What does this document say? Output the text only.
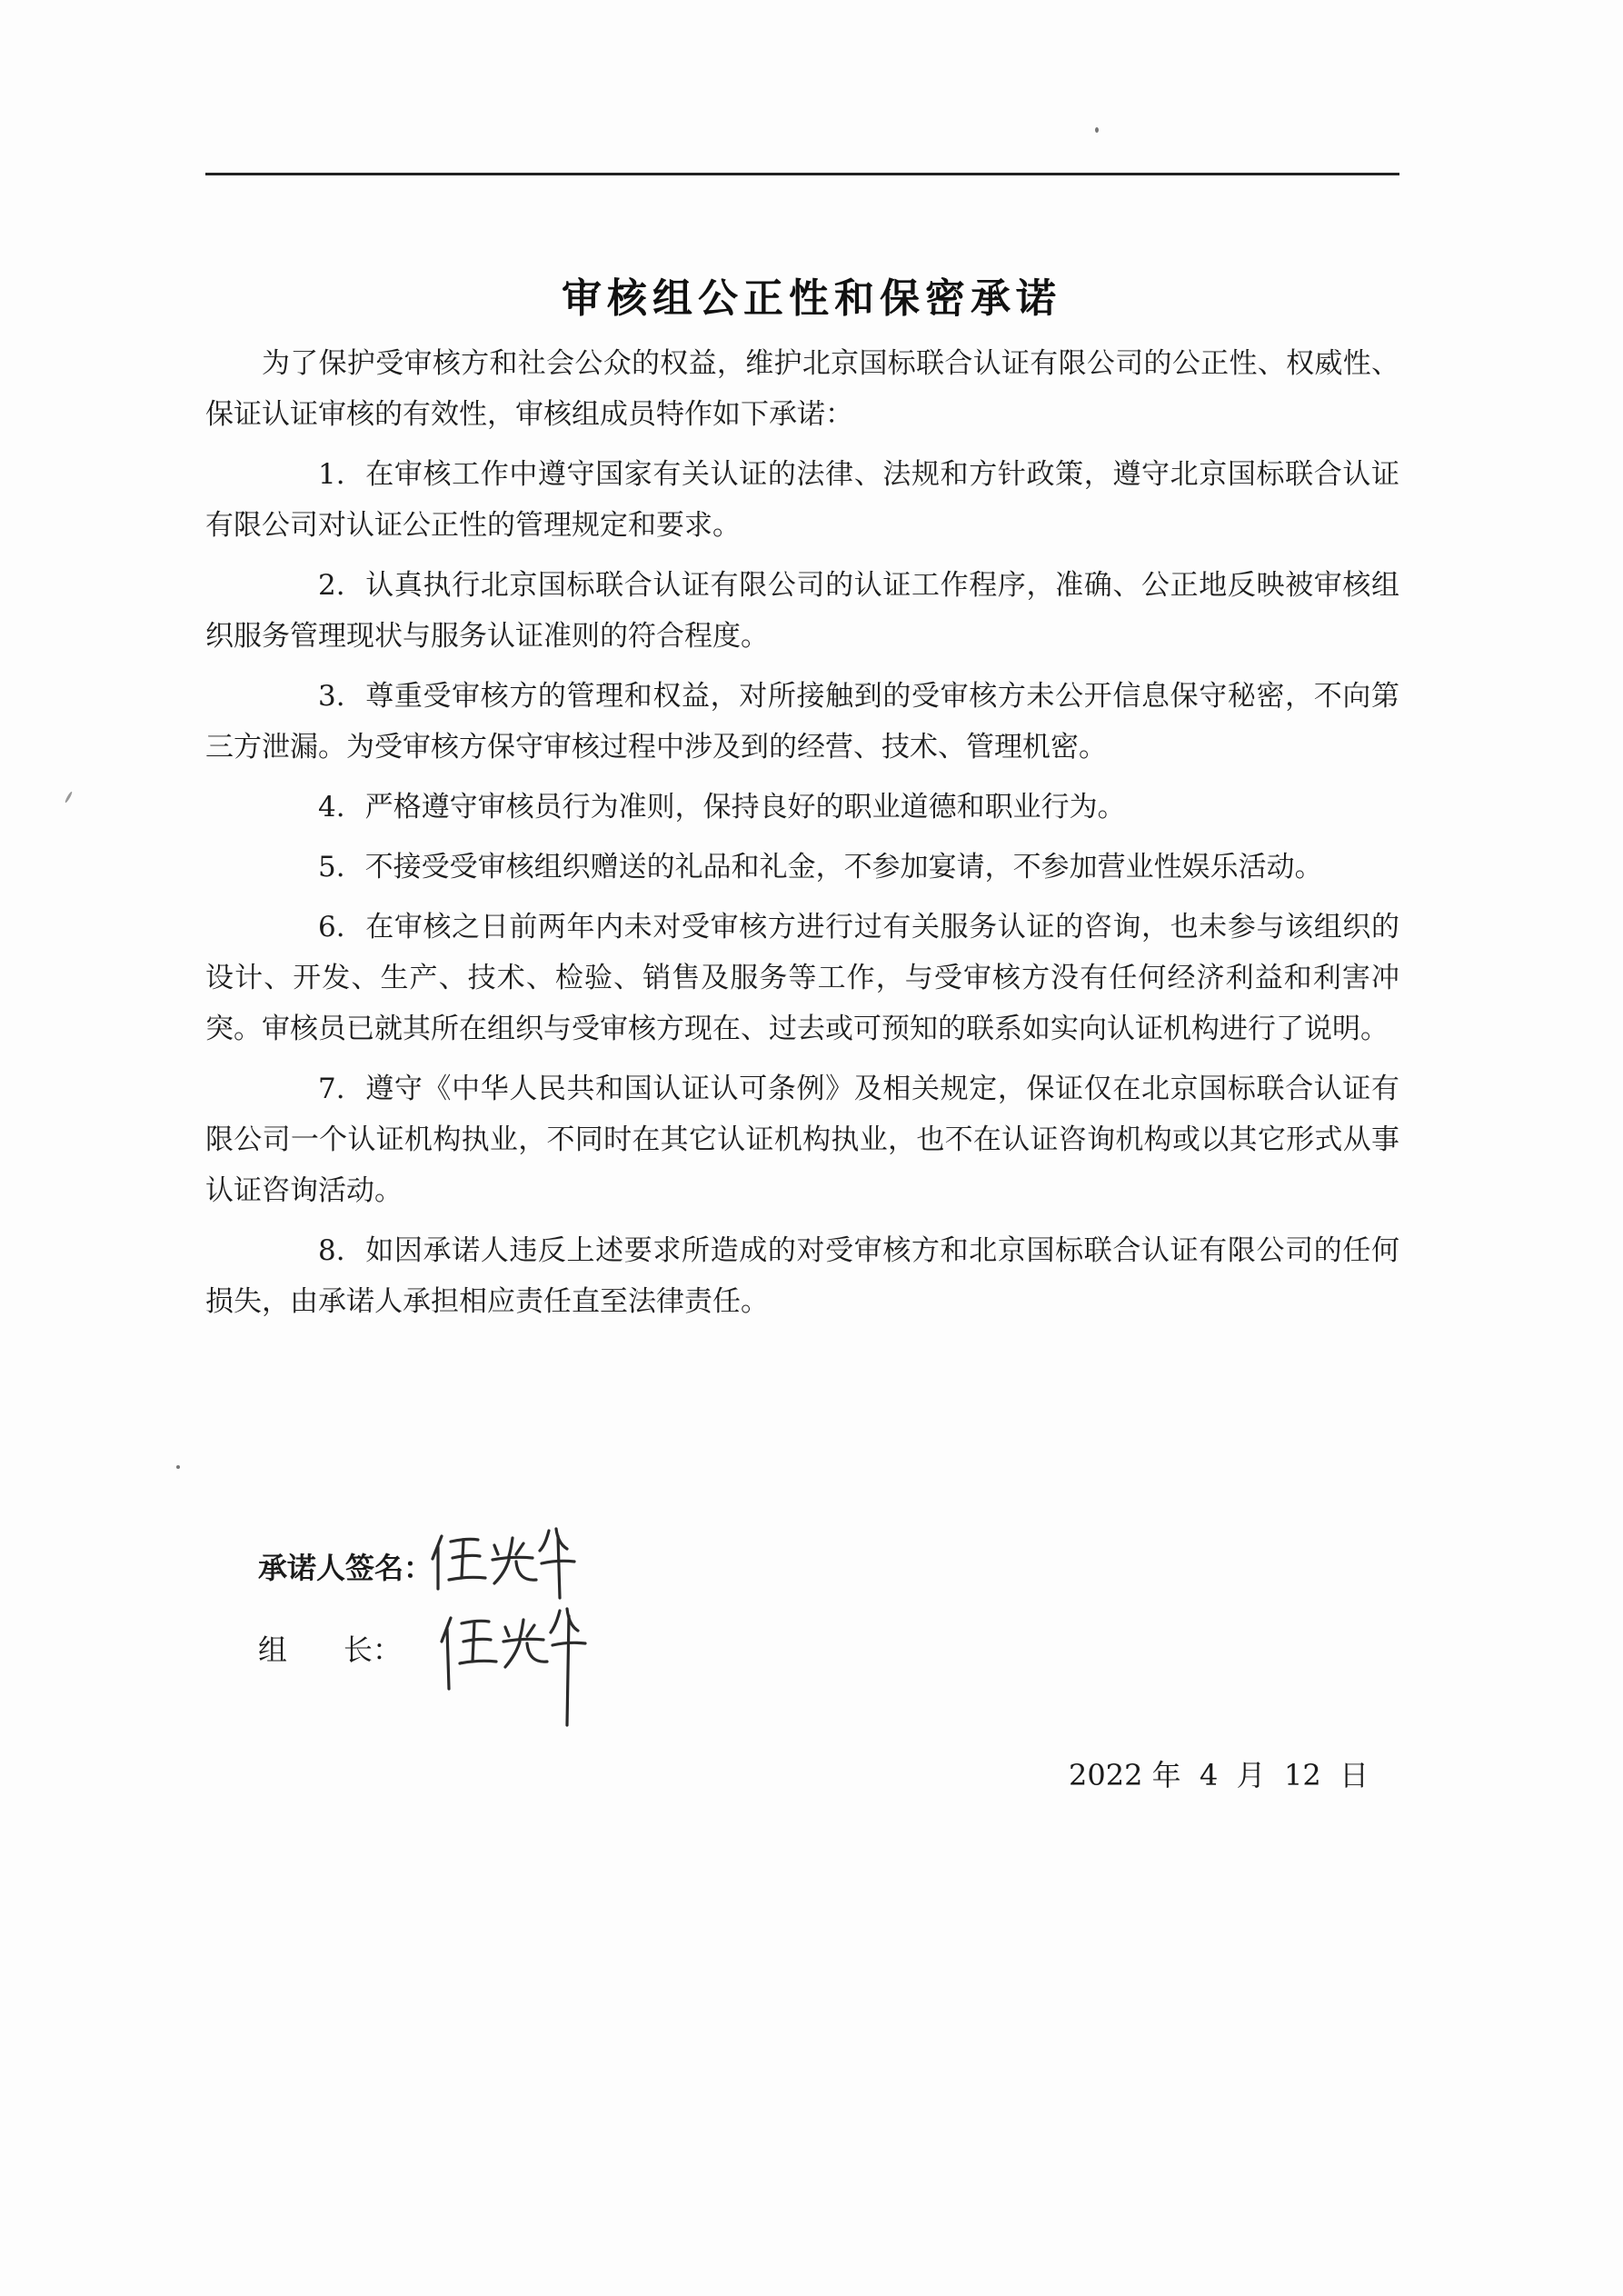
审核组公正性和保密承诺

为了保护受审核方和社会公众的权益，维护北京国标联合认证有限公司的公正性、权威性、保证认证审核的有效性，审核组成员特作如下承诺：

1. 在审核工作中遵守国家有关认证的法律、法规和方针政策，遵守北京国标联合认证有限公司对认证公正性的管理规定和要求。

2. 认真执行北京国标联合认证有限公司的认证工作程序，准确、公正地反映被审核组织服务管理现状与服务认证准则的符合程度。

3. 尊重受审核方的管理和权益，对所接触到的受审核方未公开信息保守秘密，不向第三方泄漏。为受审核方保守审核过程中涉及到的经营、技术、管理机密。

4. 严格遵守审核员行为准则，保持良好的职业道德和职业行为。

5. 不接受受审核组织赠送的礼品和礼金，不参加宴请，不参加营业性娱乐活动。

6. 在审核之日前两年内未对受审核方进行过有关服务认证的咨询，也未参与该组织的设计、开发、生产、技术、检验、销售及服务等工作，与受审核方没有任何经济利益和利害冲突。审核员已就其所在组织与受审核方现在、过去或可预知的联系如实向认证机构进行了说明。

7. 遵守《中华人民共和国认证认可条例》及相关规定，保证仅在北京国标联合认证有限公司一个认证机构执业，不同时在其它认证机构执业，也不在认证咨询机构或以其它形式从事认证咨询活动。

8. 如因承诺人违反上述要求所造成的对受审核方和北京国标联合认证有限公司的任何损失，由承诺人承担相应责任直至法律责任。

承诺人签名：
组 长：
2022 年 4 月 12 日
